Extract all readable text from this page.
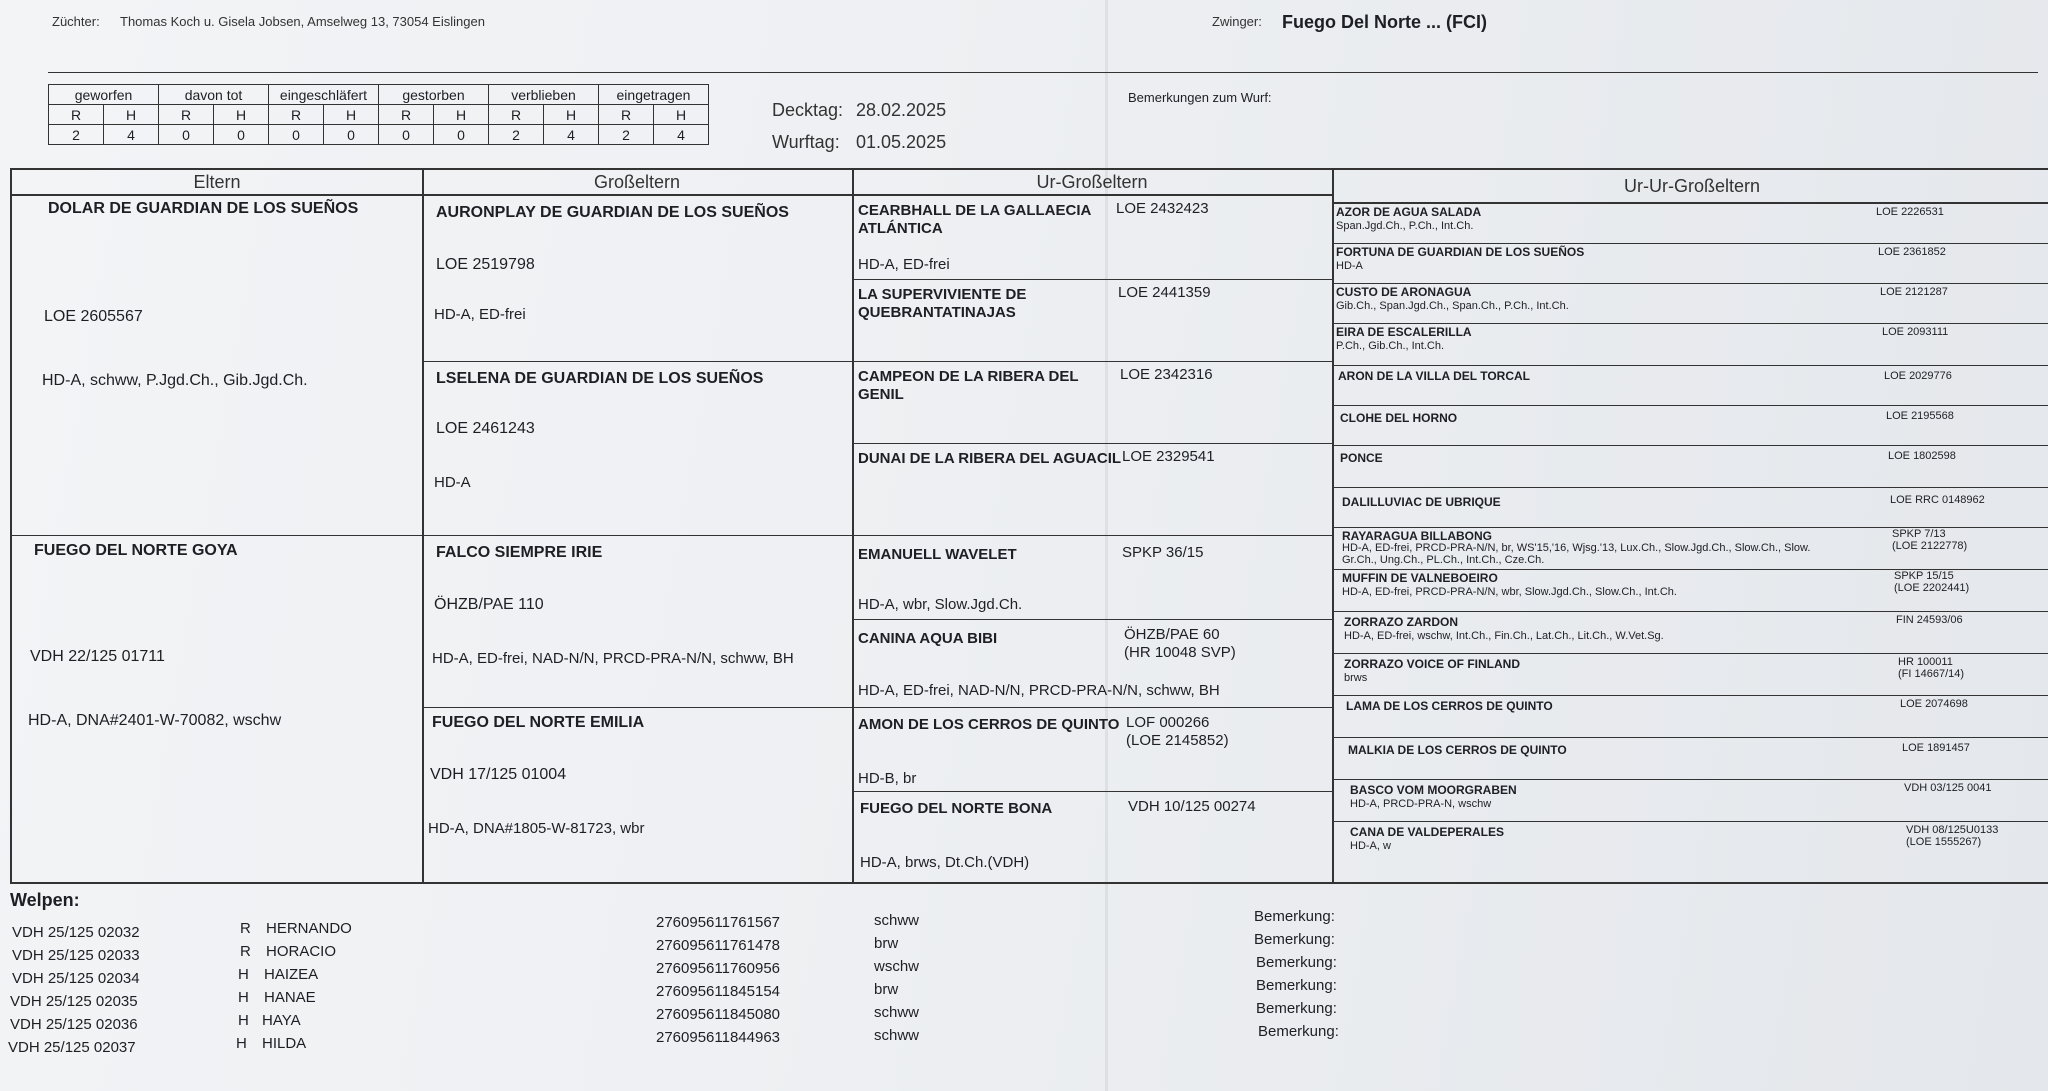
Züchter: Thomas Koch u. Gisela Jobsen, Amselweg 13, 73054 Eislingen	Zwinger: Fuego Del Norte ... (FCI)
geworfen		davon tot		eingeschläfert		gestorben		verblieben		eingetragen	
R	H	R	H	R	H	R	H	R	H	R	H
2	4	0	0	0	0	0	0	2	4	2	4
Decktag: 28.02.2025
Wurftag: 01.05.2025
Bemerkungen zum Wurf:
Eltern
DOLAR DE GUARDIAN DE LOS SUEÑOS
LOE 2605567
HD-A, schww, P.Jgd.Ch., Gib.Jgd.Ch.
FUEGO DEL NORTE GOYA
VDH 22/125 01711
HD-A, DNA#2401-W-70082, wschw
Großeltern
AURONPLAY DE GUARDIAN DE LOS SUEÑOS
LOE 2519798
HD-A, ED-frei
LSELENA DE GUARDIAN DE LOS SUEÑOS
LOE 2461243
HD-A
FALCO SIEMPRE IRIE
ÖHZB/PAE 110
HD-A, ED-frei, NAD-N/N, PRCD-PRA-N/N, schww, BH
FUEGO DEL NORTE EMILIA
VDH 17/125 01004
HD-A, DNA#1805-W-81723, wbr
Ur-Großeltern
CEARBHALL DE LA GALLAECIA
ATLÁNTICA
LOE 2432423
HD-A, ED-frei
LA SUPERVIVIENTE DE
QUEBRANTATINAJAS
LOE 2441359
CAMPEON DE LA RIBERA DEL
GENIL
LOE 2342316
DUNAI DE LA RIBERA DEL AGUACIL LOE 2329541
EMANUELL WAVELET	SPKP 36/15
HD-A, wbr, Slow.Jgd.Ch.
CANINA AQUA BIBI	ÖHZB/PAE 60
(HR 10048 SVP)
HD-A, ED-frei, NAD-N/N, PRCD-PRA-N/N, schww, BH
AMON DE LOS CERROS DE QUINTO LOF 000266
(LOE 2145852)
HD-B, br
FUEGO DEL NORTE BONA	VDH 10/125 00274
HD-A, brws, Dt.Ch.(VDH)
Ur-Ur-Großeltern
AZOR DE AGUA SALADA
Span.Jgd.Ch., P.Ch., Int.Ch.
LOE 2226531
FORTUNA DE GUARDIAN DE LOS SUEÑOS
HD-A
LOE 2361852
CUSTO DE ARONAGUA
Gib.Ch., Span.Jgd.Ch., Span.Ch., P.Ch., Int.Ch.
LOE 2121287
EIRA DE ESCALERILLA
P.Ch., Gib.Ch., Int.Ch.
LOE 2093111
ARON DE LA VILLA DEL TORCAL	LOE 2029776
CLOHE DEL HORNO	LOE 2195568
PONCE	LOE 1802598
DALILLUVIAC DE UBRIQUE	LOE RRC 0148962
RAYARAGUA BILLABONG
HD-A, ED-frei, PRCD-PRA-N/N, br, WS'15,'16, Wjsg.'13, Lux.Ch., Slow.Jgd.Ch., Slow.Ch., Slow.
Gr.Ch., Ung.Ch., PL.Ch., Int.Ch., Cze.Ch.
SPKP 7/13
(LOE 2122778)
MUFFIN DE VALNEBOEIRO
HD-A, ED-frei, PRCD-PRA-N/N, wbr, Slow.Jgd.Ch., Slow.Ch., Int.Ch.
SPKP 15/15
(LOE 2202441)
ZORRAZO ZARDON
HD-A, ED-frei, wschw, Int.Ch., Fin.Ch., Lat.Ch., Lit.Ch., W.Vet.Sg.
FIN 24593/06
ZORRAZO VOICE OF FINLAND
brws
HR 100011
(FI 14667/14)
LAMA DE LOS CERROS DE QUINTO	LOE 2074698
MALKIA DE LOS CERROS DE QUINTO	LOE 1891457
BASCO VOM MOORGRABEN
HD-A, PRCD-PRA-N, wschw
VDH 03/125 0041
CANA DE VALDEPERALES
HD-A, w
VDH 08/125U0133
(LOE 1555267)
Welpen:
VDH 25/125 02032	R HERNANDO	276095611761567	schww	Bemerkung:
VDH 25/125 02033	R HORACIO	276095611761478	brw	Bemerkung:
VDH 25/125 02034	H HAIZEA	276095611760956	wschw	Bemerkung:
VDH 25/125 02035	H HANAE	276095611845154	brw	Bemerkung:
VDH 25/125 02036	H HAYA	276095611845080	schww	Bemerkung:
VDH 25/125 02037	H HILDA	276095611844963	schww	Bemerkung:
